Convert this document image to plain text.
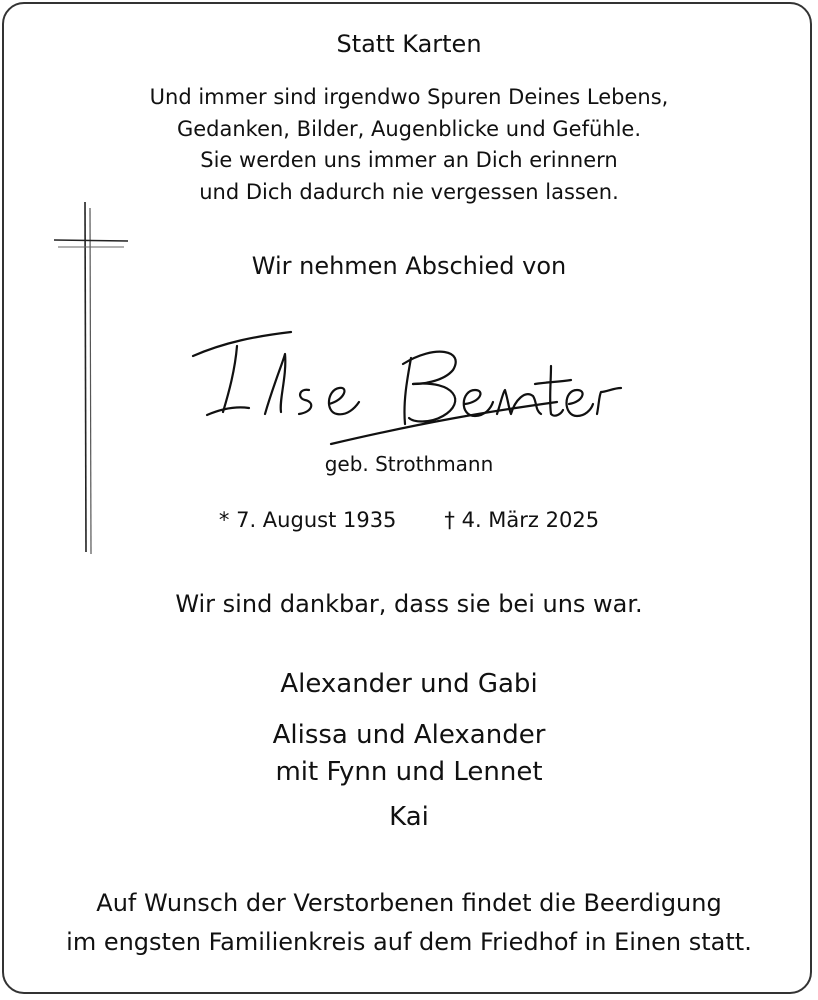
Statt Karten
Und immer sind irgendwo Spuren Deines Lebens,
Gedanken, Bilder, Augenblicke und Gefühle.
Sie werden uns immer an Dich erinnern
und Dich dadurch nie vergessen lassen.
Wir nehmen Abschied von
geb. Strothmann
* 7. August 1935 † 4. März 2025
Wir sind dankbar, dass sie bei uns war.
Alexander und Gabi
Alissa und Alexander
mit Fynn und Lennet
Kai
Auf Wunsch der Verstorbenen findet die Beerdigung
im engsten Familienkreis auf dem Friedhof in Einen statt.
